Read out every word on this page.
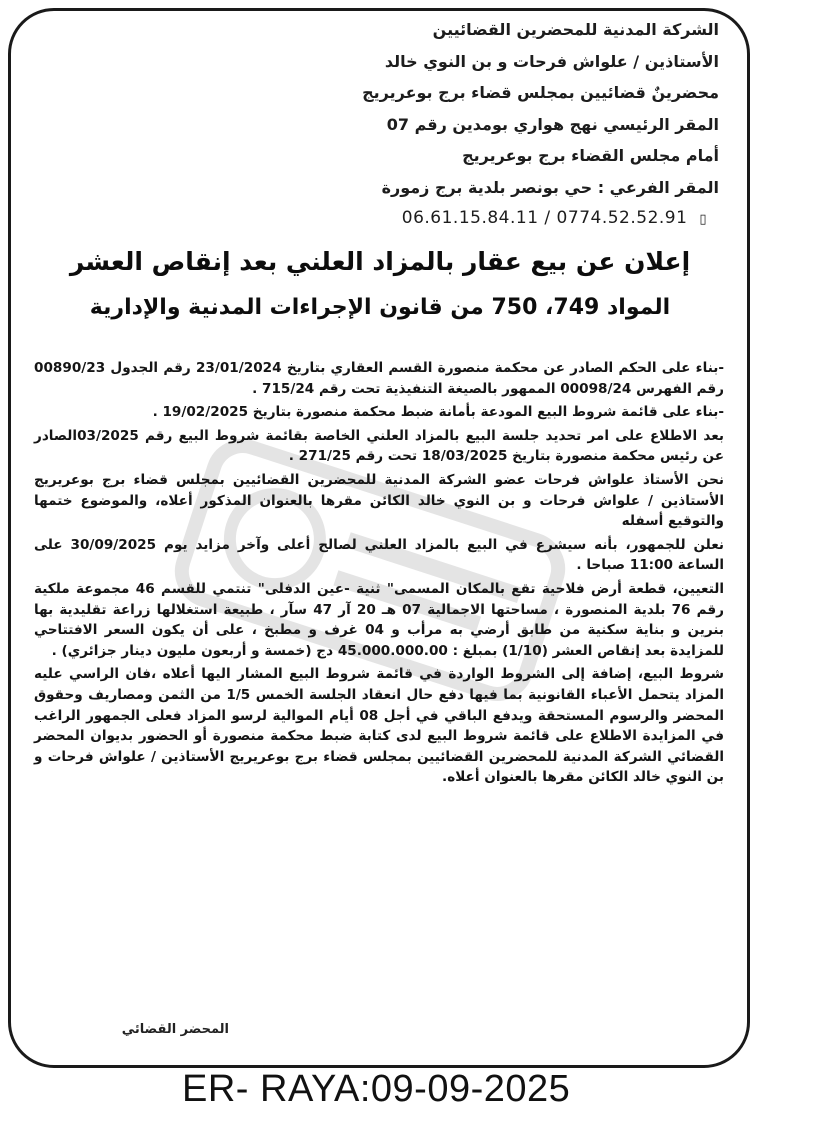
الشركة المدنية للمحضرين القضائيين
الأستاذين / علواش فرحات و بن النوي خالد
محضرينٌ قضائيين بمجلس قضاء برج بوعريريج
المقر الرئيسي نهج هواري بومدين رقم 07
أمام مجلس القضاء برج بوعريريج
المقر الفرعي : حي بونصر بلدية برج زمورة
06.61.15.84.11 / 0774.52.52.91 ▯
إعلان عن بيع عقار بالمزاد العلني بعد إنقاص العشر
المواد 749، 750 من قانون الإجراءات المدنية والإدارية

-بناء على الحكم الصادر عن محكمة منصورة القسم العقاري بتاريخ 23/01/2024 رقم الجدول 00890/23 رقم الفهرس 00098/24 الممهور بالصيغة التنفيذية تحت رقم 715/24 .

-بناء على قائمة شروط البيع المودعة بأمانة ضبط محكمة منصورة بتاريخ 19/02/2025 .

بعد الاطلاع على امر تحديد جلسة البيع بالمزاد العلني الخاصة بقائمة شروط البيع رقم 03/2025الصادر عن رئيس محكمة منصورة بتاريخ 18/03/2025 تحت رقم 271/25 .

نحن الأستاذ علواش فرحات عضو الشركة المدنية للمحضرين القضائيين بمجلس قضاء برج بوعريريج الأستاذين / علواش فرحات و بن النوي خالد الكائن مقرها بالعنوان المذكور أعلاه، والموضوع ختمها والتوقيع أسفله

نعلن للجمهور، بأنه سيشرع في البيع بالمزاد العلني لصالح أعلى وآخر مزايد يوم 30/09/2025 على الساعة 11:00 صباحا .

التعيين، قطعة أرض فلاحية تقع بالمكان المسمى" ثنية -عين الدفلى" تنتمي للقسم 46 مجموعة ملكية رقم 76 بلدية المنصورة ، مساحتها الاجمالية 07 هـ 20 آر 47 سآر ، طبيعة استغلالها زراعة تقليدية بها بنرين و بناية سكنية من طابق أرضي به مرأب و 04 غرف و مطبخ ، على أن يكون السعر الافتتاحي للمزايدة بعد إنقاص العشر (1/10) بمبلغ : 45.000.000.00 دج (خمسة و أربعون مليون دينار جزائري) .

شروط البيع، إضافة إلى الشروط الواردة في قائمة شروط البيع المشار اليها أعلاه ،فان الراسي عليه المزاد يتحمل الأعباء القانونية بما فيها دفع حال انعقاد الجلسة الخمس 1/5 من الثمن ومصاريف وحقوق المحضر والرسوم المستحقة ويدفع الباقي في أجل 08 أيام الموالية لرسو المزاد فعلى الجمهور الراغب في المزايدة الاطلاع على قائمة شروط البيع لدى كتابة ضبط محكمة منصورة أو الحضور بديوان المحضر القضائي الشركة المدنية للمحضرين القضائيين بمجلس قضاء برج بوعريريج الأستاذين / علواش فرحات و بن النوي خالد الكائن مقرها بالعنوان أعلاه.

المحضر القضائي
ER- RAYA:09-09-2025
